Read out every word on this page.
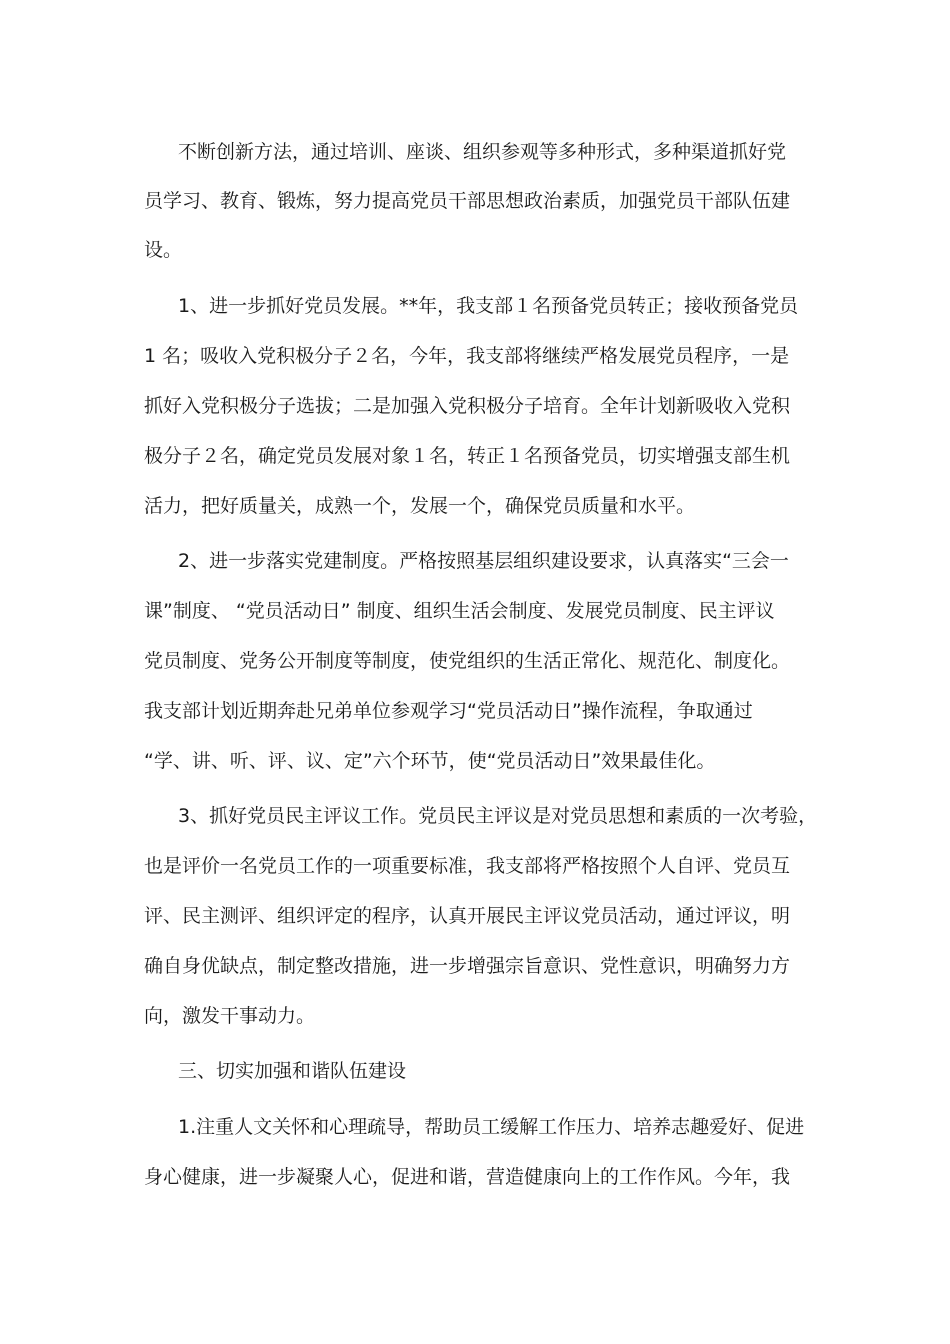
不断创新方法，通过培训、座谈、组织参观等多种形式，多种渠道抓好党
员学习、教育、锻炼，努力提高党员干部思想政治素质，加强党员干部队伍建
设。
1、进一步抓好党员发展。**年，我支部１名预备党员转正；接收预备党员
1 名；吸收入党积极分子２名，今年，我支部将继续严格发展党员程序，一是
抓好入党积极分子选拔；二是加强入党积极分子培育。全年计划新吸收入党积
极分子２名，确定党员发展对象１名，转正１名预备党员，切实增强支部生机
活力，把好质量关，成熟一个，发展一个，确保党员质量和水平。
2、进一步落实党建制度。严格按照基层组织建设要求，认真落实“三会一
课”制度、 “党员活动日” 制度、组织生活会制度、发展党员制度、民主评议
党员制度、党务公开制度等制度，使党组织的生活正常化、规范化、制度化。
我支部计划近期奔赴兄弟单位参观学习“党员活动日”操作流程，争取通过
“学、讲、听、评、议、定”六个环节，使“党员活动日”效果最佳化。
3、抓好党员民主评议工作。党员民主评议是对党员思想和素质的一次考验，
也是评价一名党员工作的一项重要标准，我支部将严格按照个人自评、党员互
评、民主测评、组织评定的程序，认真开展民主评议党员活动，通过评议，明
确自身优缺点，制定整改措施，进一步增强宗旨意识、党性意识，明确努力方
向，激发干事动力。
三、切实加强和谐队伍建设
1.注重人文关怀和心理疏导，帮助员工缓解工作压力、培养志趣爱好、促进
身心健康，进一步凝聚人心，促进和谐，营造健康向上的工作作风。今年，我
